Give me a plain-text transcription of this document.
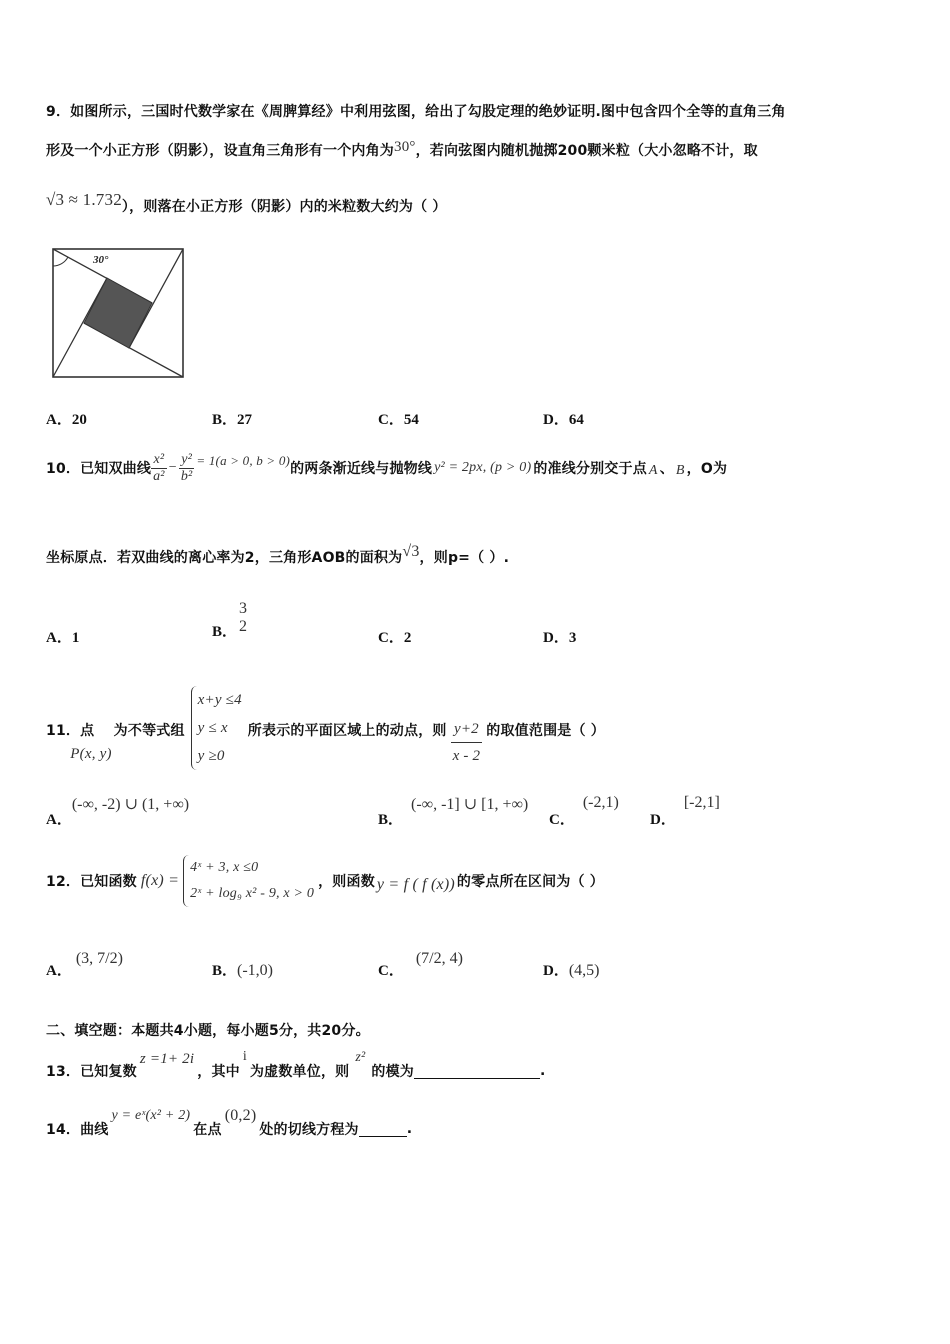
9．如图所示，三国时代数学家在《周脾算经》中利用弦图，给出了勾股定理的绝妙证明.图中包含四个全等的直角三角
形及一个小正方形（阴影），设直角三角形有一个内角为30°，若向弦图内随机抛掷200颗米粒（大小忽略不计，取
√3 ≈ 1.732），则落在小正方形（阴影）内的米粒数大约为（ ）
30°
A．20	B．27	C．54	D．64
10．已知双曲线 $\frac{\text{x²}}{\text{a²}} - \frac{\text{y²}}{\text{b²}} = 1(a > 0$, b > 0)
的两条渐近线与抛物线 y² = 2px, (p > 0) 的准线分别交于点 A 、 B ，O为
坐标原点．若双曲线的离心率为2，三角形AOB的面积为√3，则p=（ ）.
A．1	B．
3
2
C．2	D．3
11．点
P(x, y)
为不等式组
x+y ≤4
y ≤ x
y ≥0
所表示的平面区域上的动点，则 $\frac{y+2}{x - 2}$ 的取值范围是（ ）
A．
(-∞, -2) ∪ (1, +∞)
B．
(-∞, -1] ∪ [1, +∞)
C．
(-2,1)
D．
[-2,1]
12．已知函数 f(x) =
4ˣ + 3, x ≤0
2ˣ + log₉ x² - 9, x > 0
，则函数 y = f ( f (x)) 的零点所在区间为（ ）
A．
(3, 7/2)
B．(-1,0)	C．
(7/2, 4)
D．(4,5)
二、填空题：本题共4小题，每小题5分，共20分。
13．已知复数
z =1+ 2i
，其中
i
为虚数单位，则
z²
的模为	.
14．曲线
y = eˣ(x² + 2)
在点
(0,2)
处的切线方程为	.
